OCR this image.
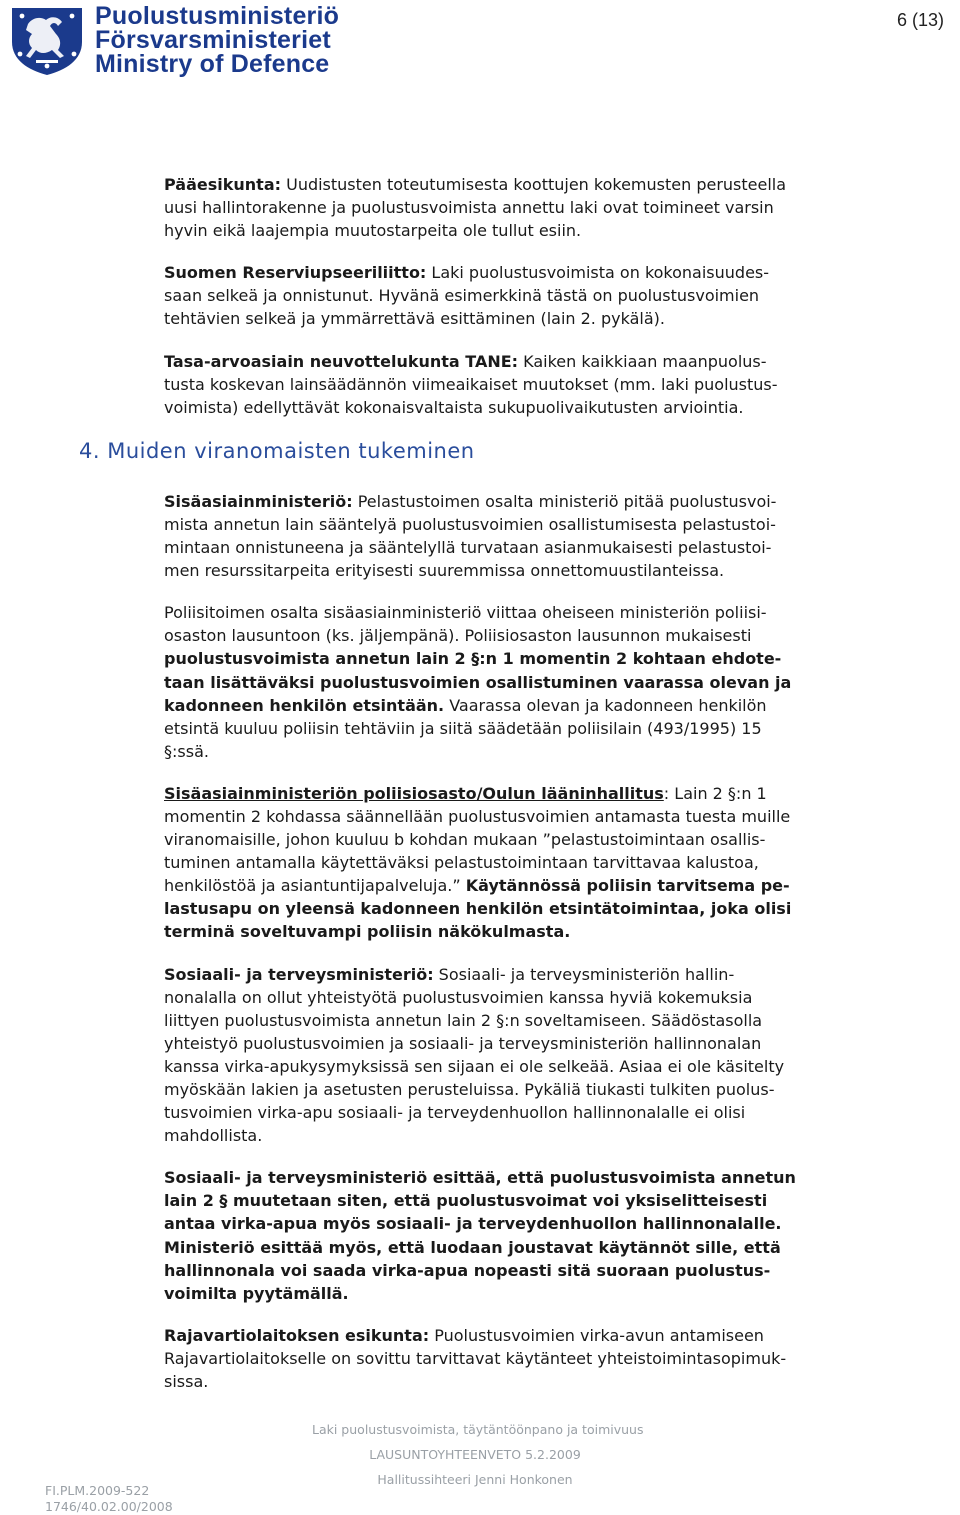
Puolustusministeriö
Försvarsministeriet
Ministry of Defence
6 (13)

Pääesikunta: Uudistusten toteutumisesta koottujen kokemusten perusteella
uusi hallintorakenne ja puolustusvoimista annettu laki ovat toimineet varsin
hyvin eikä laajempia muutostarpeita ole tullut esiin.

Suomen Reserviupseeriliitto: Laki puolustusvoimista on kokonaisuudes-
saan selkeä ja onnistunut. Hyvänä esimerkkinä tästä on puolustusvoimien
tehtävien selkeä ja ymmärrettävä esittäminen (lain 2. pykälä).

Tasa-arvoasiain neuvottelukunta TANE: Kaiken kaikkiaan maanpuolus-
tusta koskevan lainsäädännön viimeaikaiset muutokset (mm. laki puolustus-
voimista) edellyttävät kokonaisvaltaista sukupuolivaikutusten arviointia.

4. Muiden viranomaisten tukeminen

Sisäasiainministeriö: Pelastustoimen osalta ministeriö pitää puolustusvoi-
mista annetun lain sääntelyä puolustusvoimien osallistumisesta pelastustoi-
mintaan onnistuneena ja sääntelyllä turvataan asianmukaisesti pelastustoi-
men resurssitarpeita erityisesti suuremmissa onnettomuustilanteissa.

Poliisitoimen osalta sisäasiainministeriö viittaa oheiseen ministeriön poliisi-
osaston lausuntoon (ks. jäljempänä). Poliisiosaston lausunnon mukaisesti
puolustusvoimista annetun lain 2 §:n 1 momentin 2 kohtaan ehdote-
taan lisättäväksi puolustusvoimien osallistuminen vaarassa olevan ja
kadonneen henkilön etsintään. Vaarassa olevan ja kadonneen henkilön
etsintä kuuluu poliisin tehtäviin ja siitä säädetään poliisilain (493/1995) 15
§:ssä.

Sisäasiainministeriön poliisiosasto/Oulun lääninhallitus: Lain 2 §:n 1
momentin 2 kohdassa säännellään puolustusvoimien antamasta tuesta muille
viranomaisille, johon kuuluu b kohdan mukaan ”pelastustoimintaan osallis-
tuminen antamalla käytettäväksi pelastustoimintaan tarvittavaa kalustoa,
henkilöstöä ja asiantuntijapalveluja.” Käytännössä poliisin tarvitsema pe-
lastusapu on yleensä kadonneen henkilön etsintätoimintaa, joka olisi
terminä soveltuvampi poliisin näkökulmasta.

Sosiaali- ja terveysministeriö: Sosiaali- ja terveysministeriön hallin-
nonalalla on ollut yhteistyötä puolustusvoimien kanssa hyviä kokemuksia
liittyen puolustusvoimista annetun lain 2 §:n soveltamiseen. Säädöstasolla
yhteistyö puolustusvoimien ja sosiaali- ja terveysministeriön hallinnonalan
kanssa virka-apukysymyksissä sen sijaan ei ole selkeää. Asiaa ei ole käsitelty
myöskään lakien ja asetusten perusteluissa. Pykäliä tiukasti tulkiten puolus-
tusvoimien virka-apu sosiaali- ja terveydenhuollon hallinnonalalle ei olisi
mahdollista.

Sosiaali- ja terveysministeriö esittää, että puolustusvoimista annetun
lain 2 § muutetaan siten, että puolustusvoimat voi yksiselitteisesti
antaa virka-apua myös sosiaali- ja terveydenhuollon hallinnonalalle.
Ministeriö esittää myös, että luodaan joustavat käytännöt sille, että
hallinnonala voi saada virka-apua nopeasti sitä suoraan puolustus-
voimilta pyytämällä.

Rajavartiolaitoksen esikunta: Puolustusvoimien virka-avun antamiseen
Rajavartiolaitokselle on sovittu tarvittavat käytänteet yhteistoimintasopimuk-
sissa.

Laki puolustusvoimista, täytäntöönpano ja toimivuus
LAUSUNTOYHTEENVETO 5.2.2009
Hallitussihteeri Jenni Honkonen
FI.PLM.2009-522
1746/40.02.00/2008
